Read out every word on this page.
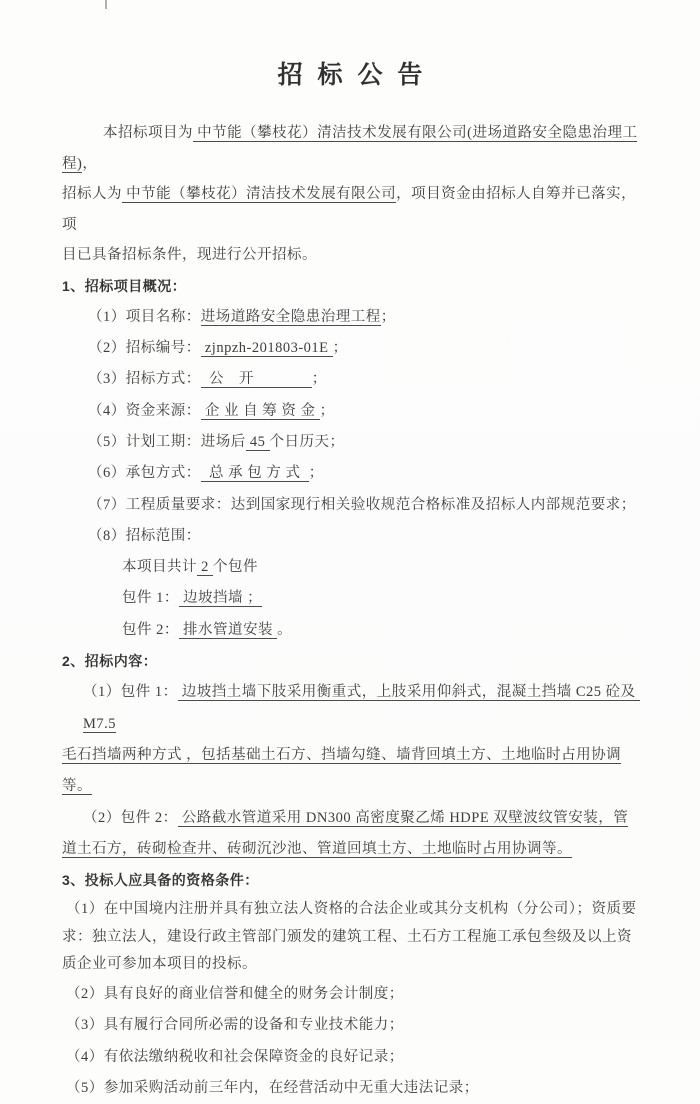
招 标 公 告
本招标项目为 中节能（攀枝花）清洁技术发展有限公司(进场道路安全隐患治理工程)，
招标人为 中节能（攀枝花）清洁技术发展有限公司，项目资金由招标人自筹并已落实，项
目已具备招标条件，现进行公开招标。
1、招标项目概况：
（1）项目名称：进场道路安全隐患治理工程；
（2）招标编号： zjnpzh-201803-01E ；
（3）招标方式：  公　开              ；
（4）资金来源： 企 业 自 筹 资 金 ；
（5）计划工期：进场后 45 个日历天；
（6）承包方式：  总 承 包 方 式  ；
（7）工程质量要求：达到国家现行相关验收规范合格标准及招标人内部规范要求；
（8）招标范围：
本项目共计 2 个包件
包件 1： 边坡挡墙 ；
包件 2： 排水管道安装 。
2、招标内容：
（1）包件 1： 边坡挡土墙下肢采用衡重式，上肢采用仰斜式，混凝土挡墙 C25 砼及 M7.5
毛石挡墙两种方式 ，包括基础土石方、挡墙勾缝、墙背回填土方、土地临时占用协调等。
（2）包件 2： 公路截水管道采用 DN300 高密度聚乙烯 HDPE 双壁波纹管安装，管
道土石方，砖砌检查井、砖砌沉沙池、管道回填土方、土地临时占用协调等。
3、投标人应具备的资格条件：
（1）在中国境内注册并具有独立法人资格的合法企业或其分支机构（分公司）；资质要
求：独立法人，建设行政主管部门颁发的建筑工程、土石方工程施工承包叁级及以上资
质企业可参加本项目的投标。
（2）具有良好的商业信誉和健全的财务会计制度；
（3）具有履行合同所必需的设备和专业技术能力；
（4）有依法缴纳税收和社会保障资金的良好记录；
（5）参加采购活动前三年内，在经营活动中无重大违法记录；
